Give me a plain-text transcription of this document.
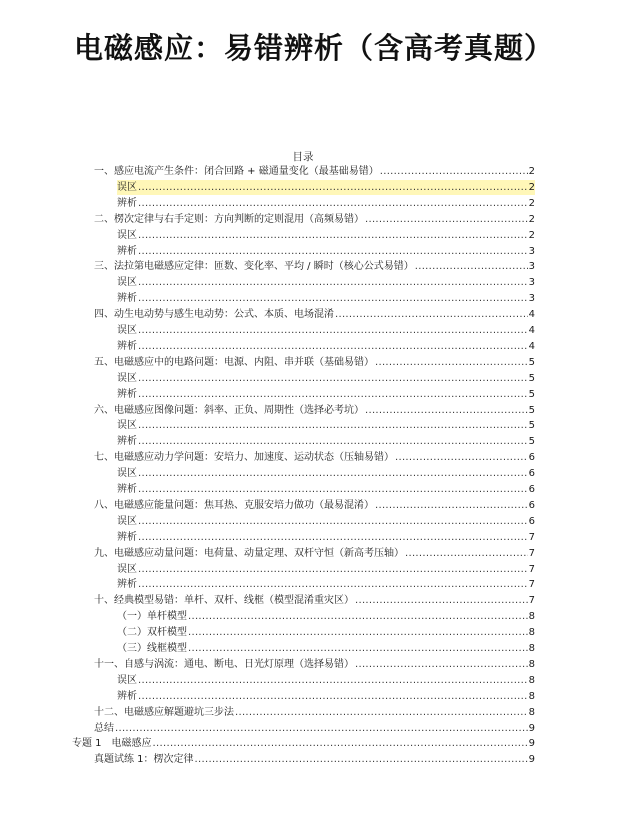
电磁感应：易错辨析（含高考真题）
目录
一、感应电流产生条件：闭合回路 + 磁通量变化（最基础易错） .....	2
误区 .....	2
辨析 .....	2
二、楞次定律与右手定则：方向判断的定则混用（高频易错） .....	2
误区 .....	2
辨析 .....	3
三、法拉第电磁感应定律：匝数、变化率、平均 / 瞬时（核心公式易错） .....	3
误区 .....	3
辨析 .....	3
四、动生电动势与感生电动势：公式、本质、电场混淆 .....	4
误区 .....	4
辨析 .....	4
五、电磁感应中的电路问题：电源、内阻、串并联（基础易错） .....	5
误区 .....	5
辨析 .....	5
六、电磁感应图像问题：斜率、正负、周期性（选择必考坑） .....	5
误区 .....	5
辨析 .....	5
七、电磁感应动力学问题：安培力、加速度、运动状态（压轴易错） .....	6
误区 .....	6
辨析 .....	6
八、电磁感应能量问题：焦耳热、克服安培力做功（最易混淆） .....	6
误区 .....	6
辨析 .....	7
九、电磁感应动量问题：电荷量、动量定理、双杆守恒（新高考压轴） .....	7
误区 .....	7
辨析 .....	7
十、经典模型易错：单杆、双杆、线框（模型混淆重灾区） .....	7
（一）单杆模型 .....	8
（二）双杆模型 .....	8
（三）线框模型 .....	8
十一、自感与涡流：通电、断电、日光灯原理（选择易错） .....	8
误区 .....	8
辨析 .....	8
十二、电磁感应解题避坑三步法 .....	8
总结 .....	9
专题 1　电磁感应 .....	9
真题试练 1：楞次定律 .....	9
